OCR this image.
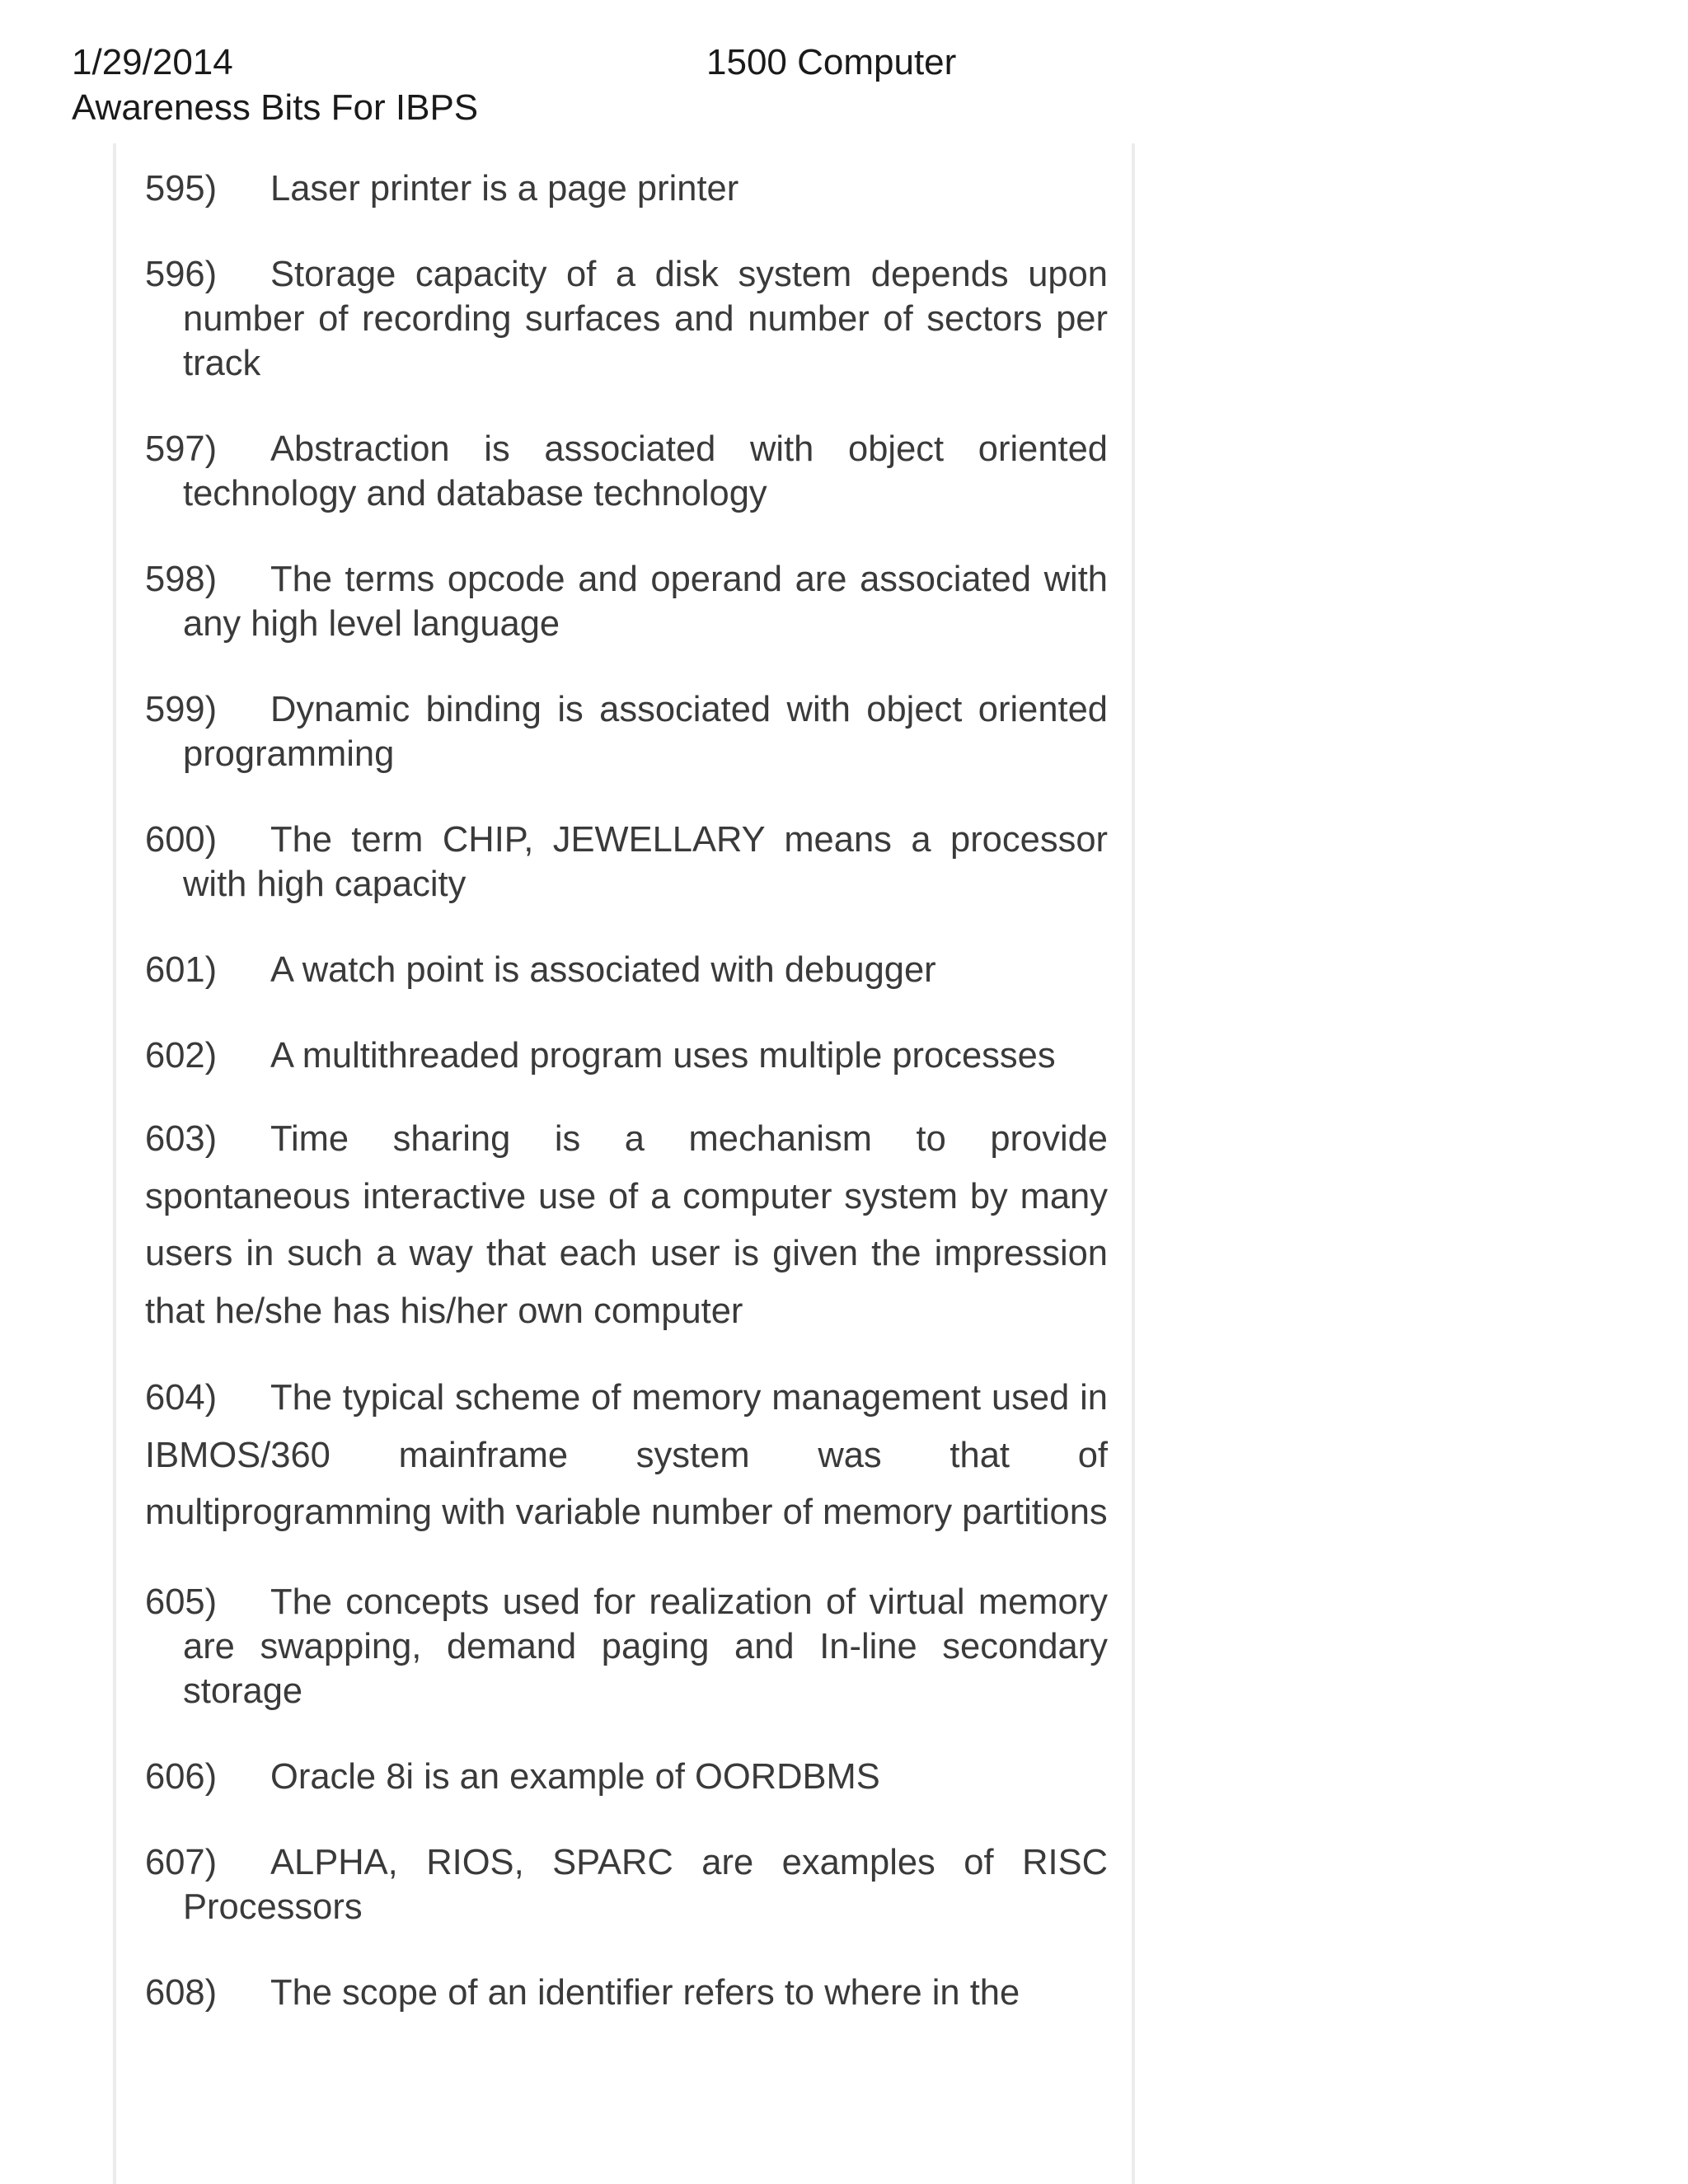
1/29/2014	1500 Computer
Awareness Bits For IBPS

595) Laser printer is a page printer

596) Storage capacity of a disk system depends upon number of recording surfaces and number of sectors per track

597) Abstraction is associated with object oriented technology and database technology

598) The terms opcode and operand are associated with any high level language

599) Dynamic binding is associated with object oriented programming

600) The term CHIP, JEWELLARY means a processor with high capacity

601) A watch point is associated with debugger

602) A multithreaded program uses multiple processes

603) Time sharing is a mechanism to provide spontaneous interactive use of a computer system by many users in such a way that each user is given the impression that he/she has his/her own computer

604) The typical scheme of memory management used in IBMOS/360 mainframe system was that of multiprogramming with variable number of memory partitions

605) The concepts used for realization of virtual memory are swapping, demand paging and In-line secondary storage

606) Oracle 8i is an example of OORDBMS

607) ALPHA, RIOS, SPARC are examples of RISC Processors

608) The scope of an identifier refers to where in the
